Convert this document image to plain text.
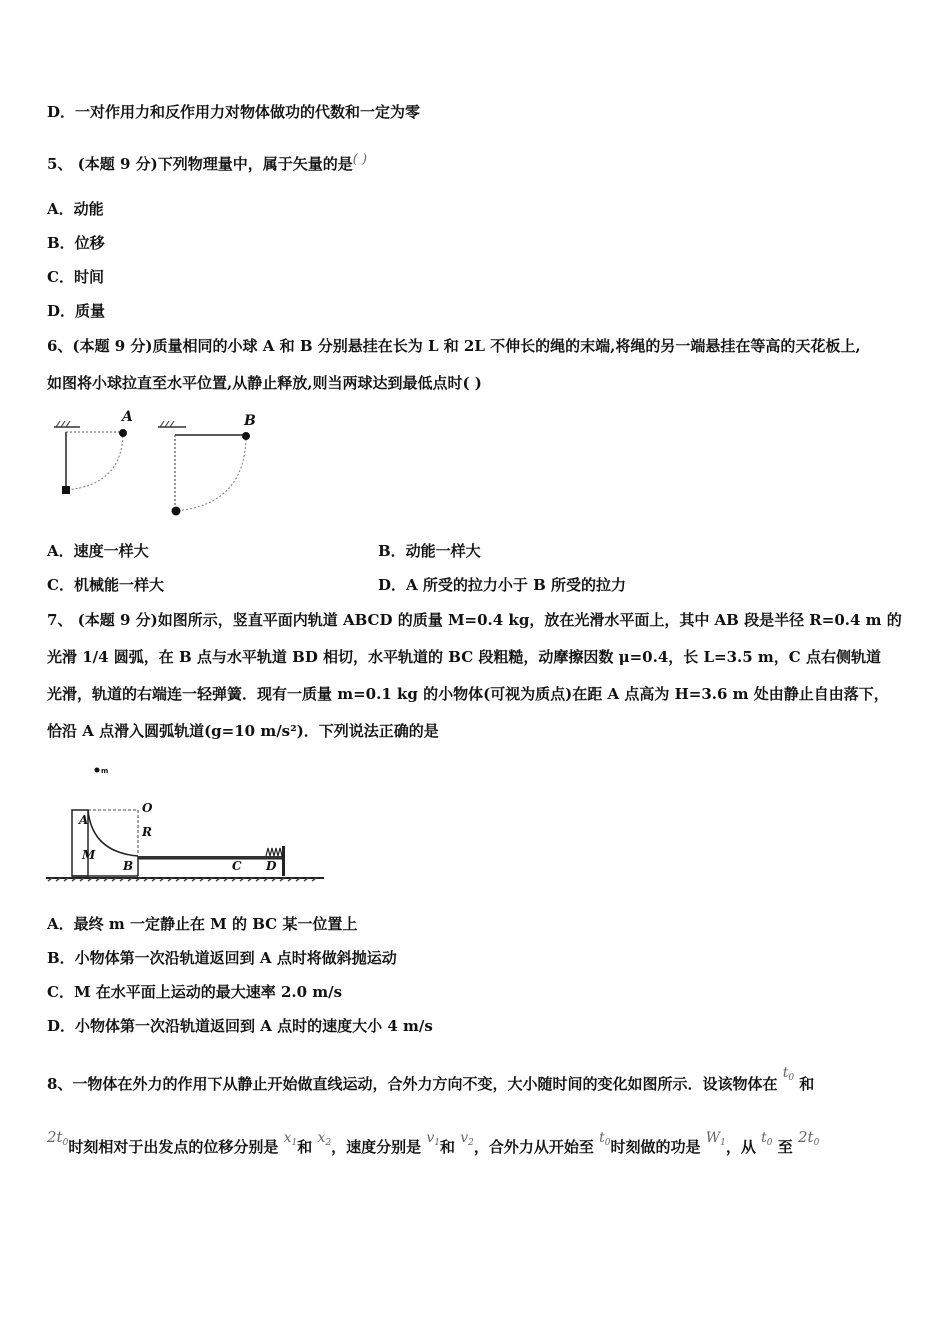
D．一对作用力和反作用力对物体做功的代数和一定为零
5、 (本题 9 分)下列物理量中，属于矢量的是( )
A．动能
B．位移
C．时间
D．质量
6、(本题 9 分)质量相同的小球 A 和 B 分别悬挂在长为 L 和 2L 不伸长的绳的末端,将绳的另一端悬挂在等高的天花板上,
如图将小球拉直至水平位置,从静止释放,则当两球达到最低点时( )
A	B
A．速度一样大	B．动能一样大
C．机械能一样大	D．A 所受的拉力小于 B 所受的拉力
7、 (本题 9 分)如图所示，竖直平面内轨道 ABCD 的质量 M=0.4 kg，放在光滑水平面上，其中 AB 段是半径 R=0.4 m 的
光滑 1/4 圆弧，在 B 点与水平轨道 BD 相切，水平轨道的 BC 段粗糙，动摩擦因数 μ=0.4，长 L=3.5 m，C 点右侧轨道
光滑，轨道的右端连一轻弹簧．现有一质量 m=0.1 kg 的小物体(可视为质点)在距 A 点高为 H=3.6 m 处由静止自由落下，
恰沿 A 点滑入圆弧轨道(g=10 m/s²)．下列说法正确的是
m
O
A
R
M
B	C D
A．最终 m 一定静止在 M 的 BC 某一位置上
B．小物体第一次沿轨道返回到 A 点时将做斜抛运动
C．M 在水平面上运动的最大速率 2.0 m/s
D．小物体第一次沿轨道返回到 A 点时的速度大小 4 m/s
8、一物体在外力的作用下从静止开始做直线运动，合外力方向不变，大小随时间的变化如图所示．设该物体在 $t_0$ 和
$2t_0$时刻相对于出发点的位移分别是 $x_1$和 $x_2$，速度分别是 $v_1$和 $v_2$，合外力从开始至 $t_0$时刻做的功是 $W_1$，从 $t_0$ 至 $2t_0$
